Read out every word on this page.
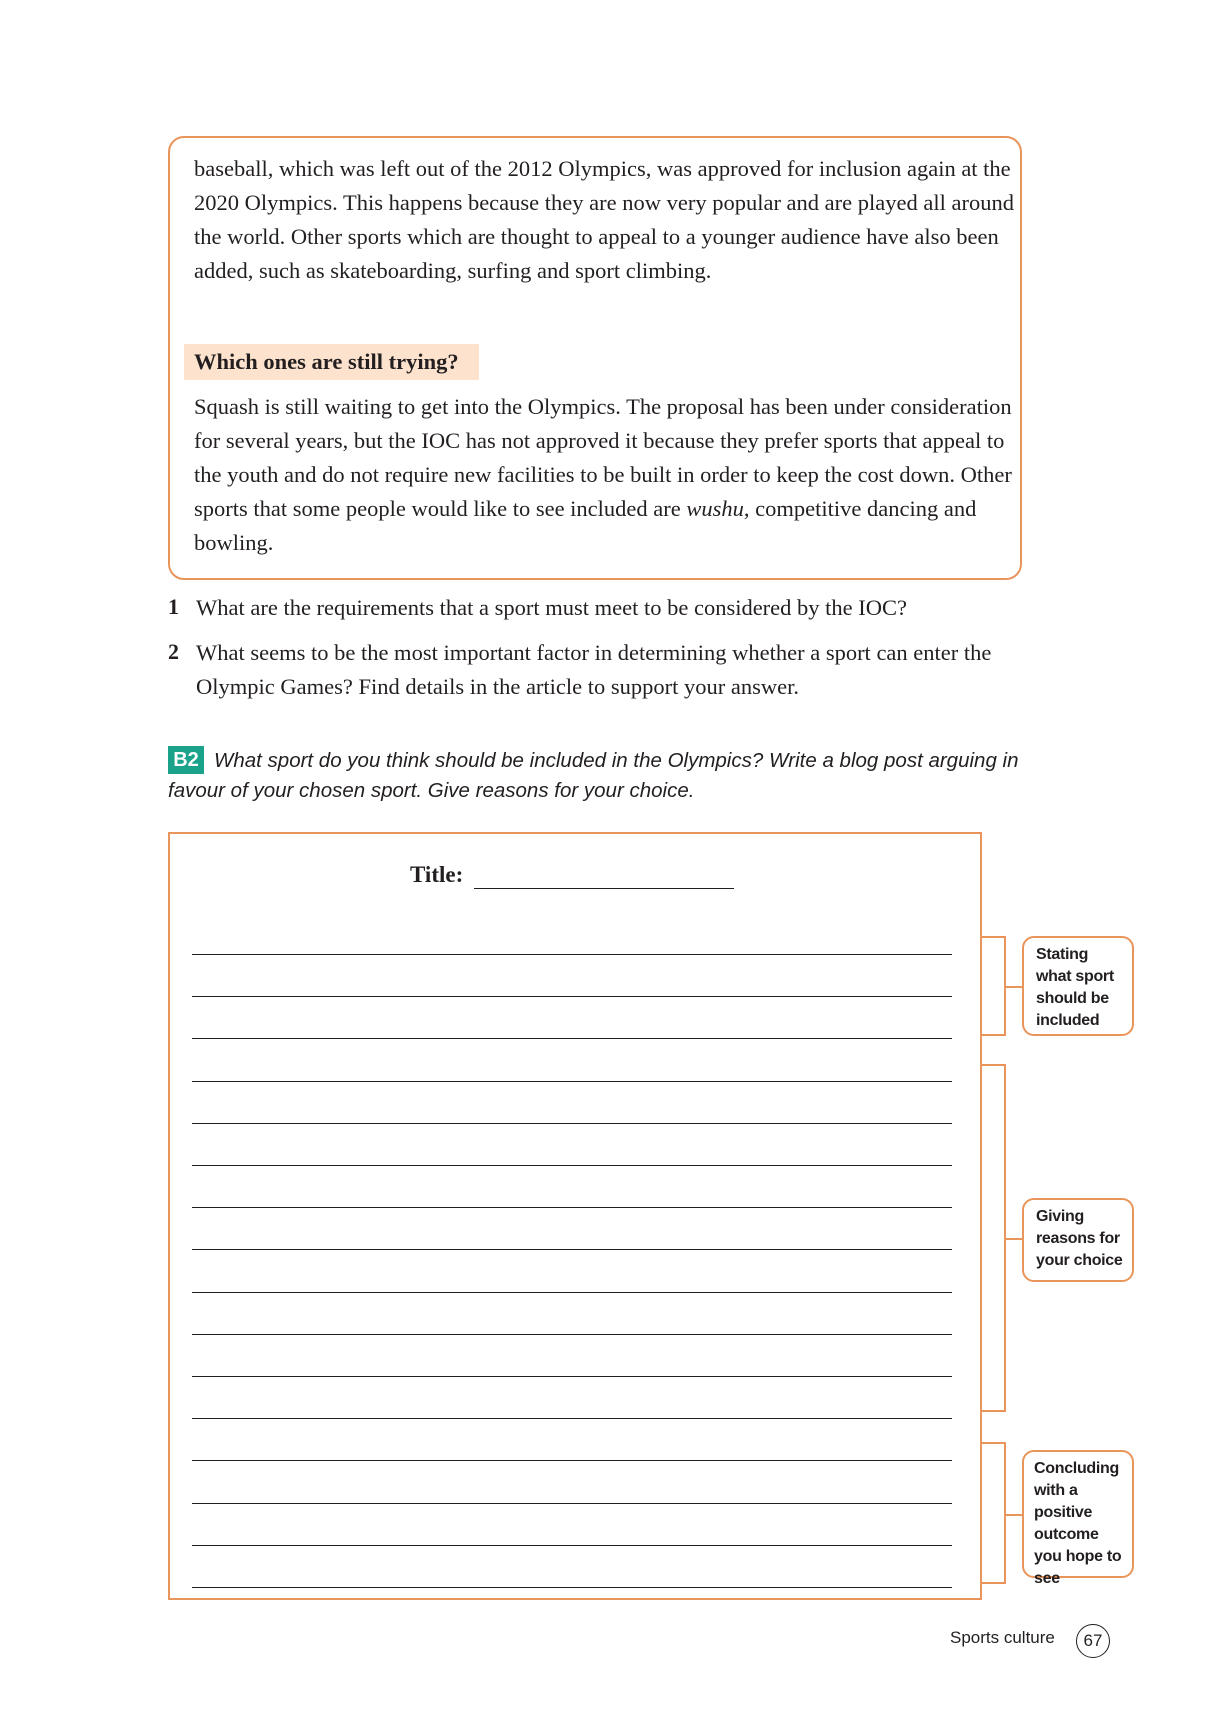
baseball, which was left out of the 2012 Olympics, was approved for inclusion again at the 2020 Olympics. This happens because they are now very popular and are played all around the world. Other sports which are thought to appeal to a younger audience have also been added, such as skateboarding, surfing and sport climbing.

Which ones are still trying?

Squash is still waiting to get into the Olympics. The proposal has been under consideration for several years, but the IOC has not approved it because they prefer sports that appeal to the youth and do not require new facilities to be built in order to keep the cost down. Other sports that some people would like to see included are wushu, competitive dancing and bowling.

1 What are the requirements that a sport must meet to be considered by the IOC?

2 What seems to be the most important factor in determining whether a sport can enter the Olympic Games? Find details in the article to support your answer.

What sport do you think should be included in the Olympics? Write a blog post arguing in favour of your chosen sport. Give reasons for your choice.

B2
Title:
Stating what sport should be included
Giving reasons for your choice
Concluding with a positive outcome you hope to see
Sports culture	67
